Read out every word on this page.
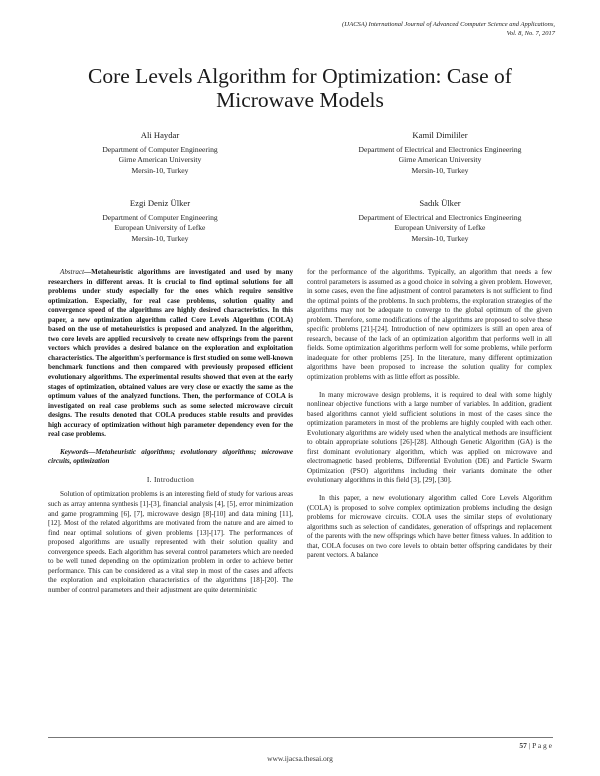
(IJACSA) International Journal of Advanced Computer Science and Applications,
Vol. 8, No. 7, 2017
Core Levels Algorithm for Optimization: Case of Microwave Models
Ali Haydar
Department of Computer Engineering
Girne American University
Mersin-10, Turkey
Kamil Dimililer
Department of Electrical and Electronics Engineering
Girne American University
Mersin-10, Turkey
Ezgi Deniz Ülker
Department of Computer Engineering
European University of Lefke
Mersin-10, Turkey
Sadık Ülker
Department of Electrical and Electronics Engineering
European University of Lefke
Mersin-10, Turkey

Abstract—Metaheuristic algorithms are investigated and used by many researchers in different areas. It is crucial to find optimal solutions for all problems under study especially for the ones which require sensitive optimization. Especially, for real case problems, solution quality and convergence speed of the algorithms are highly desired characteristics. In this paper, a new optimization algorithm called Core Levels Algorithm (COLA) based on the use of metaheuristics is proposed and analyzed. In the algorithm, two core levels are applied recursively to create new offsprings from the parent vectors which provides a desired balance on the exploration and exploitation characteristics. The algorithm's performance is first studied on some well-known benchmark functions and then compared with previously proposed efficient evolutionary algorithms. The experimental results showed that even at the early stages of optimization, obtained values are very close or exactly the same as the optimum values of the analyzed functions. Then, the performance of COLA is investigated on real case problems such as some selected microwave circuit designs. The results denoted that COLA produces stable results and provides high accuracy of optimization without high parameter dependency even for the real case problems.

Keywords—Metaheuristic algorithms; evolutionary algorithms; microwave circuits, optimization

I. Introduction

Solution of optimization problems is an interesting field of study for various areas such as array antenna synthesis [1]-[3], financial analysis [4], [5], error minimization and game programming [6], [7], microwave design [8]-[10] and data mining [11], [12]. Most of the related algorithms are motivated from the nature and are aimed to find near optimal solutions of given problems [13]-[17]. The performances of proposed algorithms are usually represented with their solution quality and convergence speeds. Each algorithm has several control parameters which are needed to be well tuned depending on the optimization problem in order to achieve better performance. This can be considered as a vital step in most of the cases and affects the exploration and exploitation characteristics of the algorithms [18]-[20]. The number of control parameters and their adjustment are quite deterministic

for the performance of the algorithms. Typically, an algorithm that needs a few control parameters is assumed as a good choice in solving a given problem. However, in some cases, even the fine adjustment of control parameters is not sufficient to find the optimal points of the problems. In such problems, the exploration strategies of the algorithms may not be adequate to converge to the global optimum of the given problem. Therefore, some modifications of the algorithms are proposed to solve these specific problems [21]-[24]. Introduction of new optimizers is still an open area of research, because of the lack of an optimization algorithm that performs well in all fields. Some optimization algorithms perform well for some problems, while perform inadequate for other problems [25]. In the literature, many different optimization algorithms have been proposed to increase the solution quality for complex optimization problems with as little effort as possible.

In many microwave design problems, it is required to deal with some highly nonlinear objective functions with a large number of variables. In addition, gradient based algorithms cannot yield sufficient solutions in most of the cases since the optimization parameters in most of the problems are highly coupled with each other. Evolutionary algorithms are widely used when the analytical methods are insufficient to obtain appropriate solutions [26]-[28]. Although Genetic Algorithm (GA) is the first dominant evolutionary algorithm, which was applied on microwave and electromagnetic based problems, Differential Evolution (DE) and Particle Swarm Optimization (PSO) algorithms including their variants dominate the other evolutionary algorithms in this field [3], [29], [30].

In this paper, a new evolutionary algorithm called Core Levels Algorithm (COLA) is proposed to solve complex optimization problems including the design problems for microwave circuits. COLA uses the similar steps of evolutionary algorithms such as selection of candidates, generation of offsprings and replacement of the parents with the new offsprings which have better fitness values. In addition to that, COLA focuses on two core levels to obtain better offspring candidates by their parent vectors. A balance

57 | P a g e
www.ijacsa.thesai.org
